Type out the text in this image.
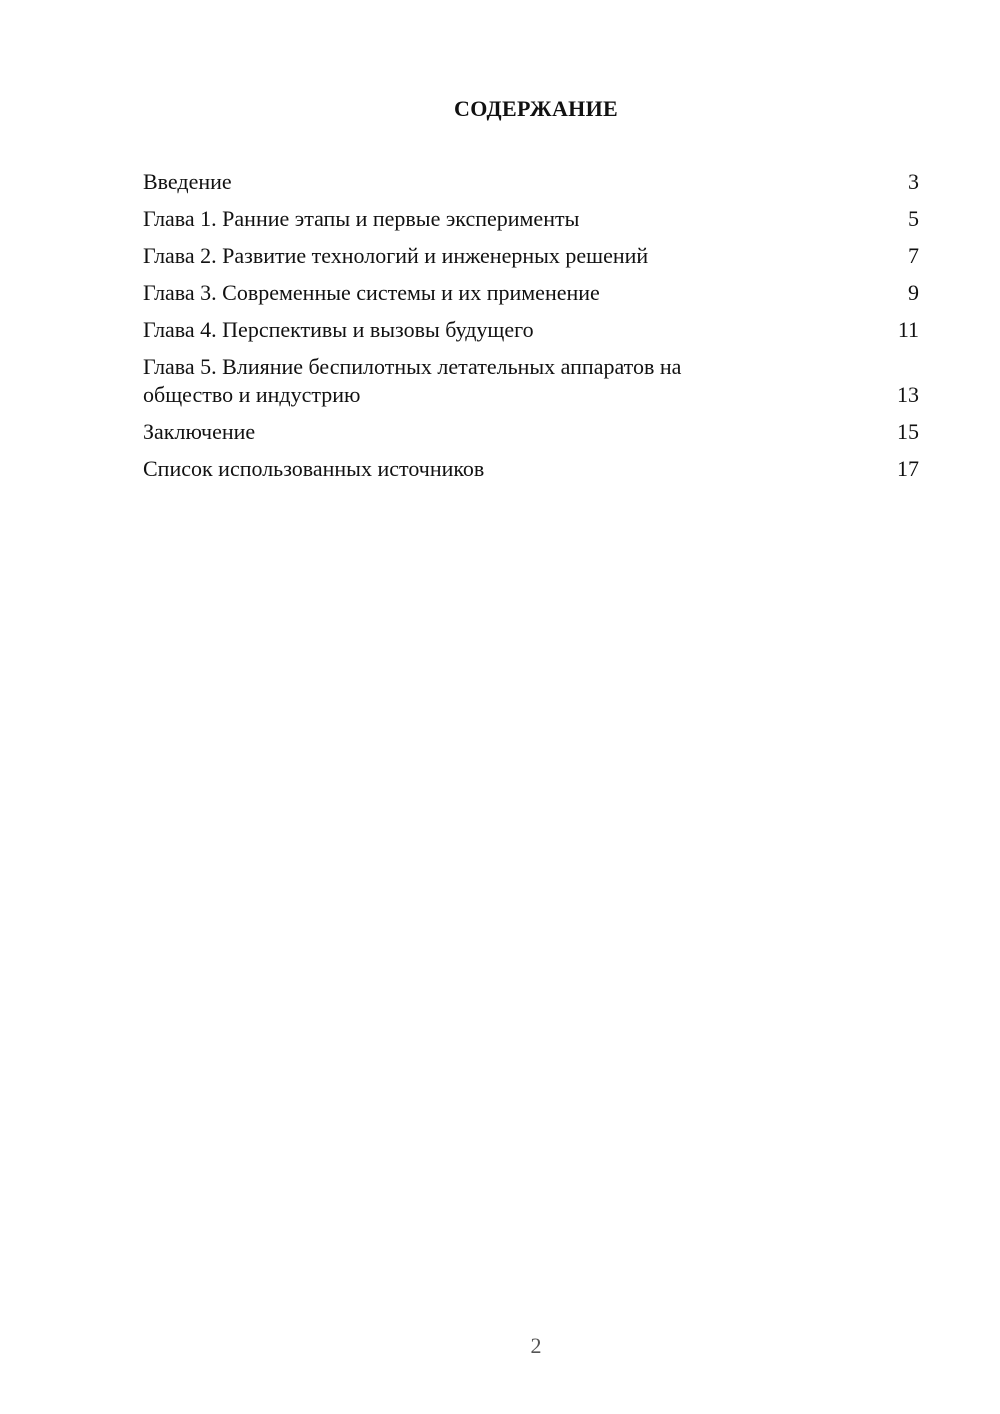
СОДЕРЖАНИЕ
Введение	3
Глава 1. Ранние этапы и первые эксперименты	5
Глава 2. Развитие технологий и инженерных решений	7
Глава 3. Современные системы и их применение	9
Глава 4. Перспективы и вызовы будущего	11
Глава 5. Влияние беспилотных летательных аппаратов на общество и индустрию	13
Заключение	15
Список использованных источников	17
2
